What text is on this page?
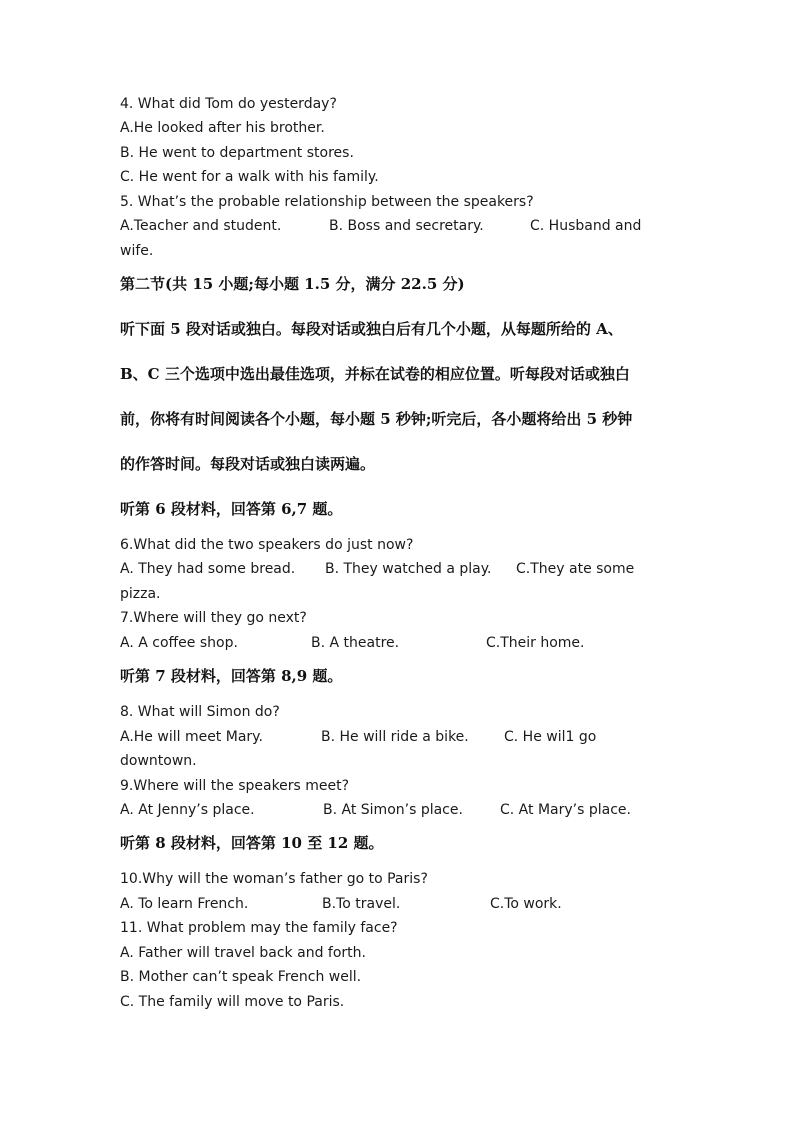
4. What did Tom do yesterday?
A.He looked after his brother.
B. He went to department stores.
C. He went for a walk with his family.
5. What’s the probable relationship between the speakers?
A.Teacher and student.	B. Boss and secretary.	C. Husband and
wife.
第二节(共 15 小题;每小题 1.5 分，满分 22.5 分)
听下面 5 段对话或独白。每段对话或独白后有几个小题，从每题所给的 A、
B、C 三个选项中选出最佳选项，并标在试卷的相应位置。听每段对话或独白
前，你将有时间阅读各个小题，每小题 5 秒钟;听完后，各小题将给出 5 秒钟
的作答时间。每段对话或独白读两遍。
听第 6 段材料，回答第 6,7 题。
6.What did the two speakers do just now?
A. They had some bread. B. They watched a play. C.They ate some
pizza.
7.Where will they go next?
A. A coffee shop.	B. A theatre.	C.Their home.
听第 7 段材料，回答第 8,9 题。
8. What will Simon do?
A.He will meet Mary.	B. He will ride a bike.	C. He wil1 go
downtown.
9.Where will the speakers meet?
A. At Jenny’s place.	B. At Simon’s place.	C. At Mary’s place.
听第 8 段材料，回答第 10 至 12 题。
10.Why will the woman’s father go to Paris?
A. To learn French.	B.To travel.	C.To work.
11. What problem may the family face?
A. Father will travel back and forth.
B. Mother can’t speak French well.
C. The family will move to Paris.
